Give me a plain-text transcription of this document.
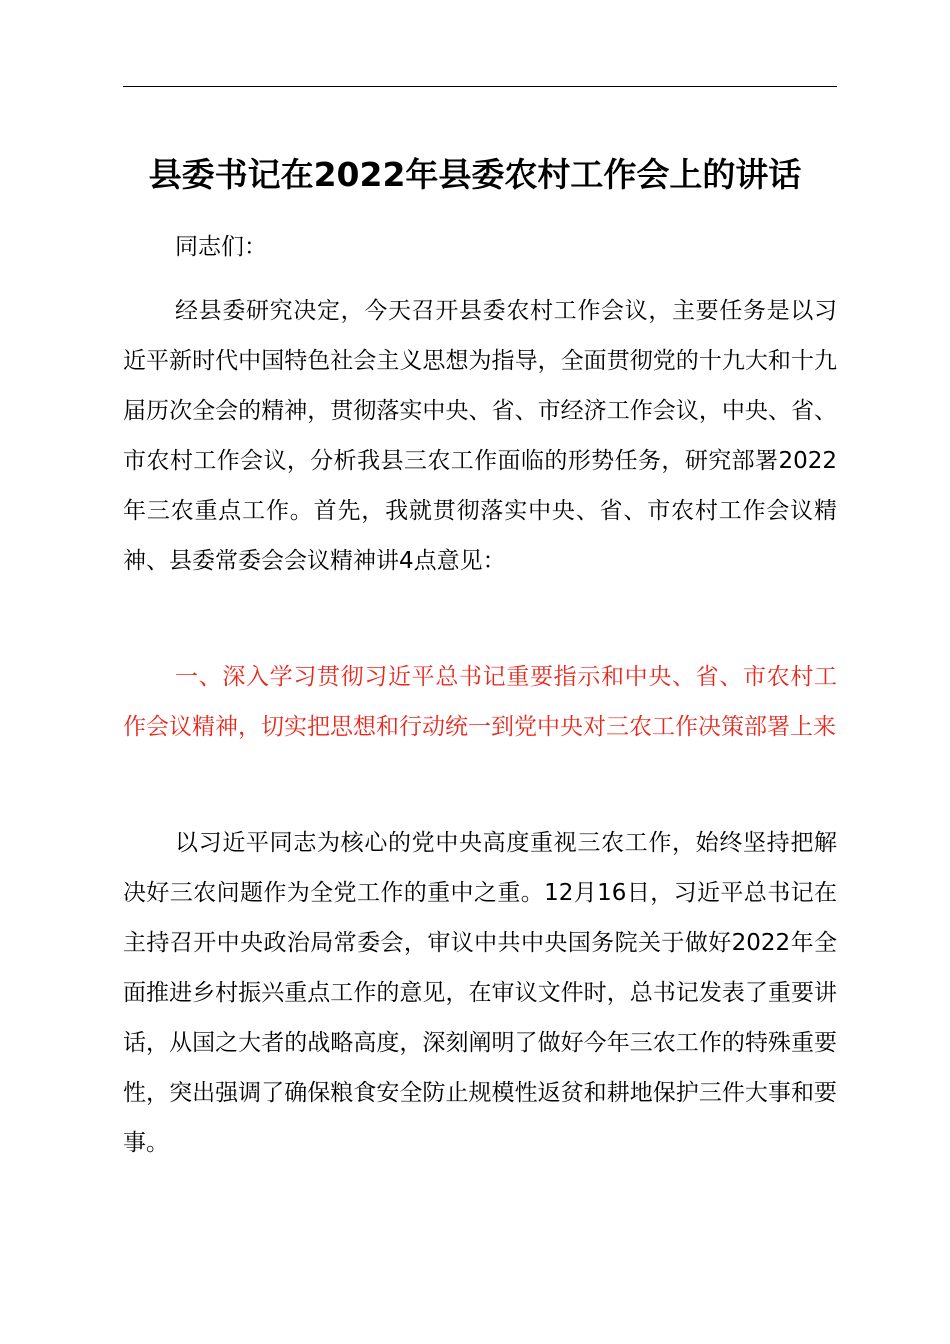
县委书记在2022年县委农村工作会上的讲话

同志们：

经县委研究决定，今天召开县委农村工作会议，主要任务是以习近平新时代中国特色社会主义思想为指导，全面贯彻党的十九大和十九届历次全会的精神，贯彻落实中央、省、市经济工作会议，中央、省、市农村工作会议，分析我县三农工作面临的形势任务，研究部署2022年三农重点工作。首先，我就贯彻落实中央、省、市农村工作会议精神、县委常委会会议精神讲4点意见：

一、深入学习贯彻习近平总书记重要指示和中央、省、市农村工作会议精神，切实把思想和行动统一到党中央对三农工作决策部署上来

以习近平同志为核心的党中央高度重视三农工作，始终坚持把解决好三农问题作为全党工作的重中之重。12月16日，习近平总书记在主持召开中央政治局常委会，审议中共中央国务院关于做好2022年全面推进乡村振兴重点工作的意见，在审议文件时，总书记发表了重要讲话，从国之大者的战略高度，深刻阐明了做好今年三农工作的特殊重要性，突出强调了确保粮食安全防止规模性返贫和耕地保护三件大事和要事。
